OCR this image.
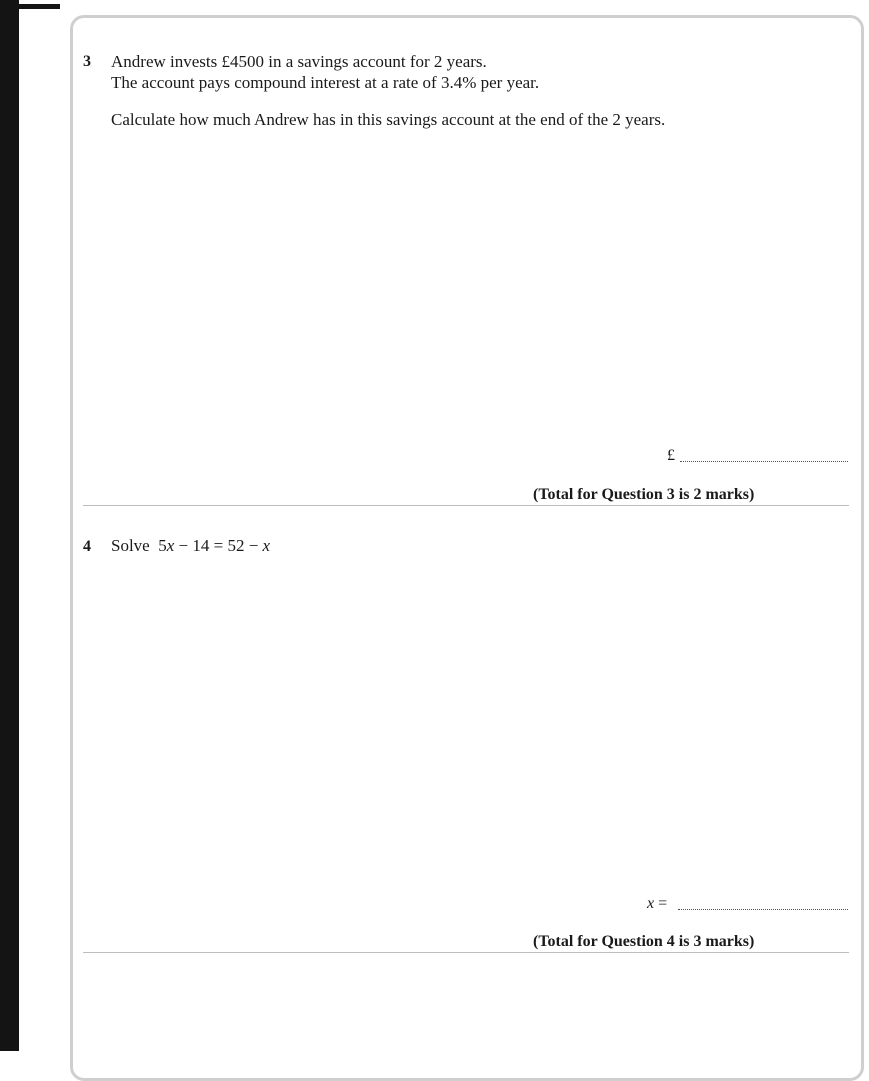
3 Andrew invests £4500 in a savings account for 2 years.
The account pays compound interest at a rate of 3.4% per year.
Calculate how much Andrew has in this savings account at the end of the 2 years.
£
(Total for Question 3 is 2 marks)
4 Solve 5x − 14 = 52 − x
x =
(Total for Question 4 is 3 marks)
